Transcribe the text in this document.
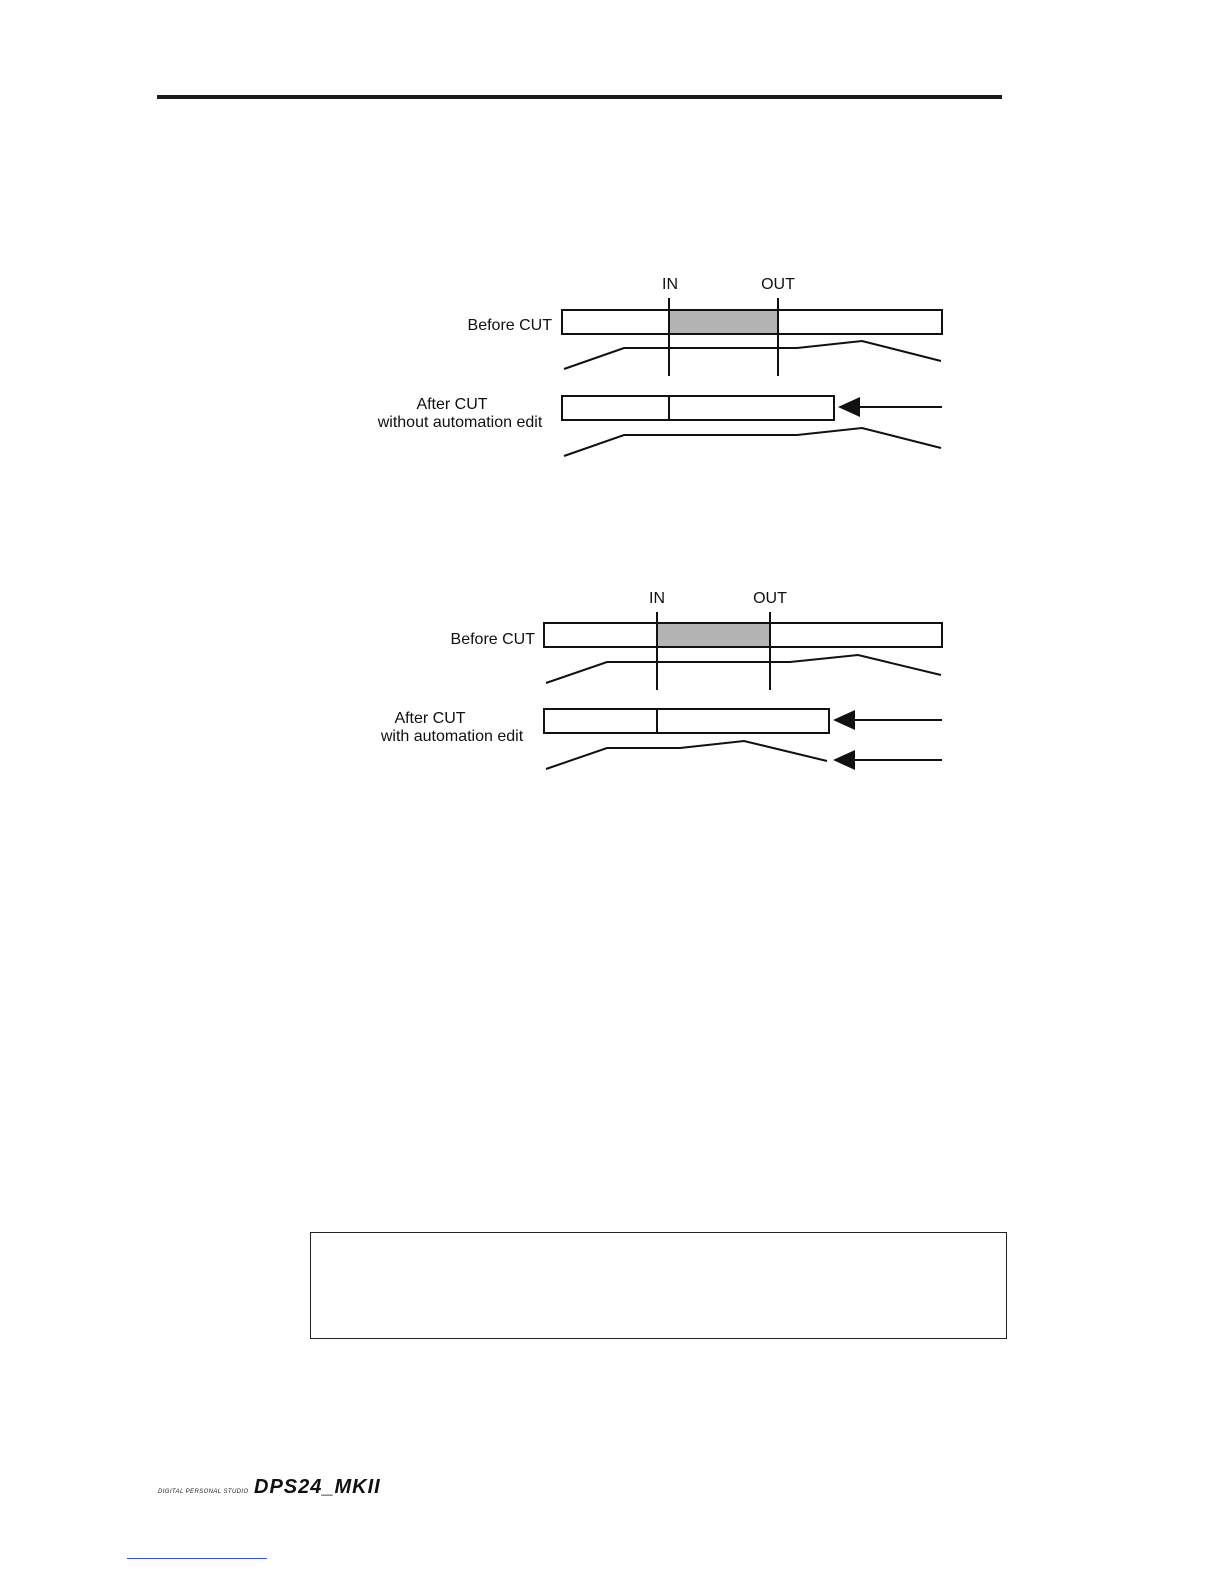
IN	OUT
Before CUT
After CUT
without automation edit
IN	OUT
Before CUT
After CUT
with automation edit
DIGITAL PERSONAL STUDIO DPS24_MKII
